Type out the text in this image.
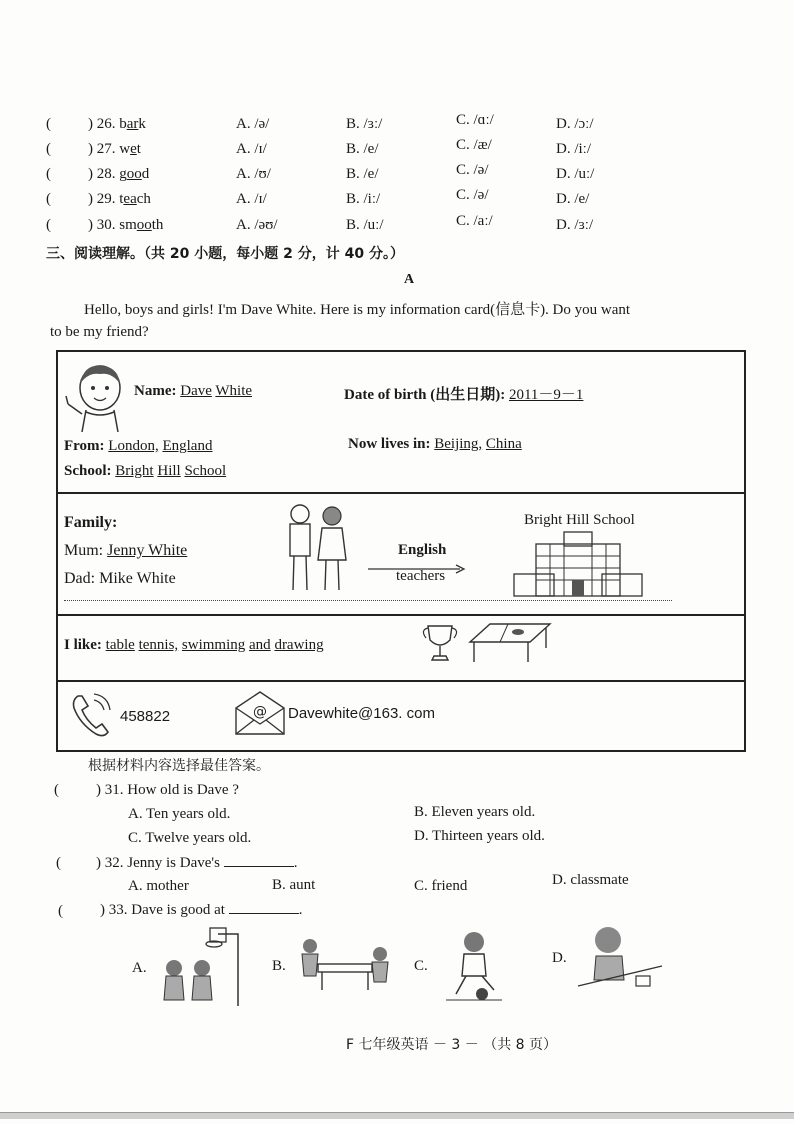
( ) 26. bark	A. /ə/	B. /ɜː/	C. /ɑː/	D. /ɔː/
( ) 27. wet	A. /ɪ/	B. /e/	C. /æ/	D. /iː/
( ) 28. good	A. /ʊ/	B. /e/	C. /ə/	D. /uː/
( ) 29. teach	A. /ɪ/	B. /iː/	C. /ə/	D. /e/
( ) 30. smooth	A. /əʊ/	B. /uː/	C. /aː/	D. /ɜː/
三、阅读理解。（共 20 小题，每小题 2 分，计 40 分。）
A
Hello, boys and girls! I'm Dave White. Here is my information card(信息卡). Do you want
to be my friend?
Name: Dave White	Date of birth (出生日期): 2011－9－1
From: London, England	Now lives in: Beijing, China
School: Bright Hill School
Family:
Mum: Jenny White
Dad: Mike White
English
teachers
Bright Hill School
I like: table tennis, swimming and drawing
458822	@ Davewhite@163. com
根据材料内容选择最佳答案。
( ) 31. How old is Dave ?
A. Ten years old.	B. Eleven years old.
C. Twelve years old.	D. Thirteen years old.
( ) 32. Jenny is Dave's	.
A. mother	B. aunt	C. friend	D. classmate
( ) 33. Dave is good at	.
A.	B.	C.	D.
F 七年级英语 － 3 － （共 8 页）
